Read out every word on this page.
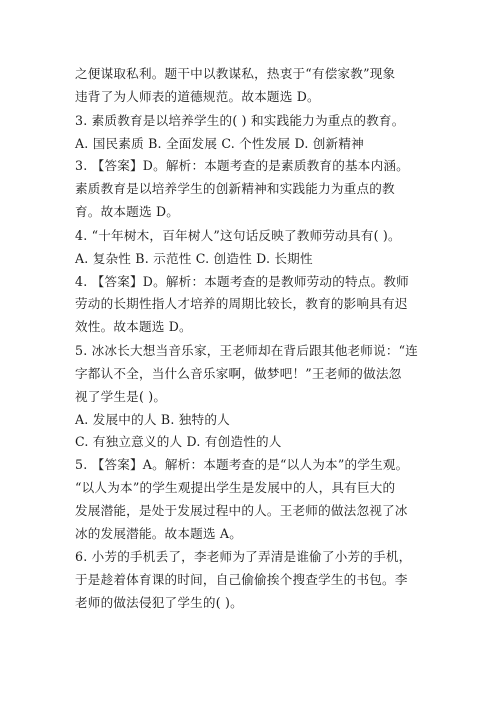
之便谋取私利。题干中以教谋私，热衷于“有偿家教”现象
违背了为人师表的道德规范。故本题选 D。
3. 素质教育是以培养学生的( ) 和实践能力为重点的教育。
A. 国民素质 B. 全面发展 C. 个性发展 D. 创新精神
3. 【答案】D。解析：本题考查的是素质教育的基本内涵。
素质教育是以培养学生的创新精神和实践能力为重点的教
育。故本题选 D。
4. “十年树木，百年树人”这句话反映了教师劳动具有( )。
A. 复杂性 B. 示范性 C. 创造性 D. 长期性
4. 【答案】D。解析：本题考查的是教师劳动的特点。教师
劳动的长期性指人才培养的周期比较长，教育的影响具有迟
效性。故本题选 D。
5. 冰冰长大想当音乐家，王老师却在背后跟其他老师说：“连
字都认不全，当什么音乐家啊，做梦吧！”王老师的做法忽
视了学生是( )。
A. 发展中的人 B. 独特的人
C. 有独立意义的人 D. 有创造性的人
5. 【答案】A。解析：本题考查的是“以人为本”的学生观。
“以人为本”的学生观提出学生是发展中的人，具有巨大的
发展潜能，是处于发展过程中的人。王老师的做法忽视了冰
冰的发展潜能。故本题选 A。
6. 小芳的手机丢了，李老师为了弄清是谁偷了小芳的手机，
于是趁着体育课的时间，自己偷偷挨个搜查学生的书包。李
老师的做法侵犯了学生的( )。
